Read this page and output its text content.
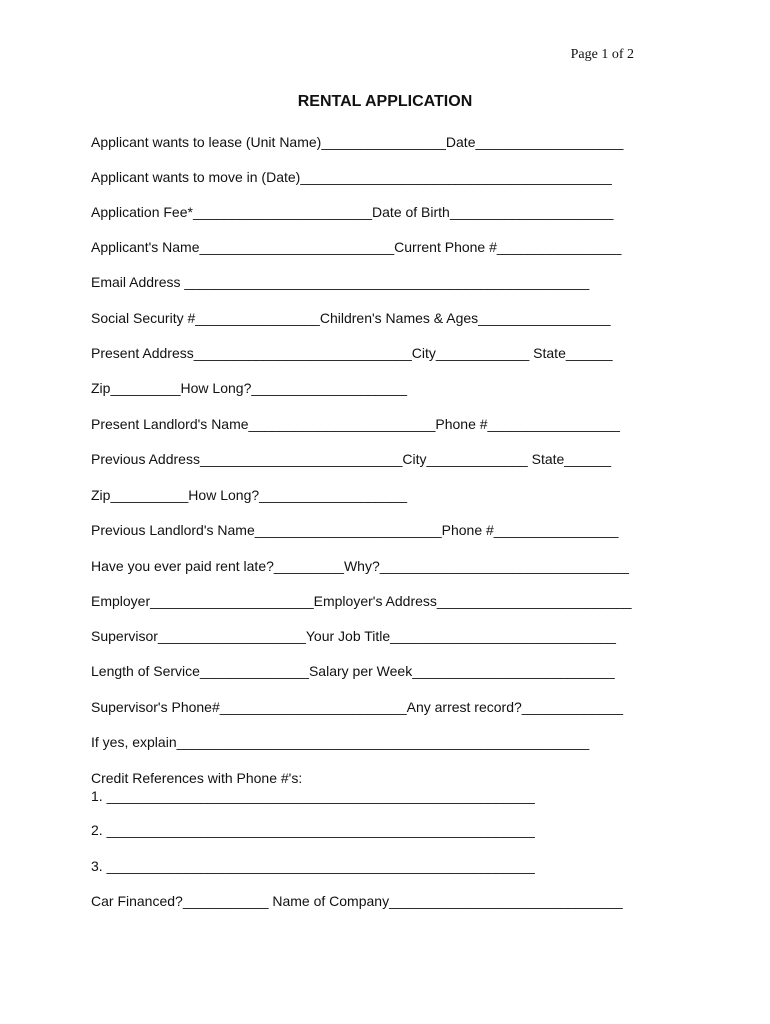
Page 1 of 2
RENTAL APPLICATION
Applicant wants to lease (Unit Name)________________Date___________________
Applicant wants to move in (Date)________________________________________
Application Fee*_______________________Date of Birth_____________________
Applicant's Name_________________________Current Phone #________________
Email Address ____________________________________________________
Social Security #________________Children's Names & Ages_________________
Present Address____________________________City____________ State______
Zip_________How Long?____________________
Present Landlord's Name________________________Phone #_________________
Previous Address__________________________City_____________ State______
Zip__________How Long?___________________
Previous Landlord's Name________________________Phone #________________
Have you ever paid rent late?_________Why?________________________________
Employer_____________________Employer's Address_________________________
Supervisor___________________Your Job Title_____________________________
Length of Service______________Salary per Week__________________________
Supervisor's Phone#________________________Any arrest record?_____________
If yes, explain_____________________________________________________
Credit References with Phone #'s:
1. _______________________________________________________
2. _______________________________________________________
3. _______________________________________________________
Car Financed?___________ Name of Company______________________________
